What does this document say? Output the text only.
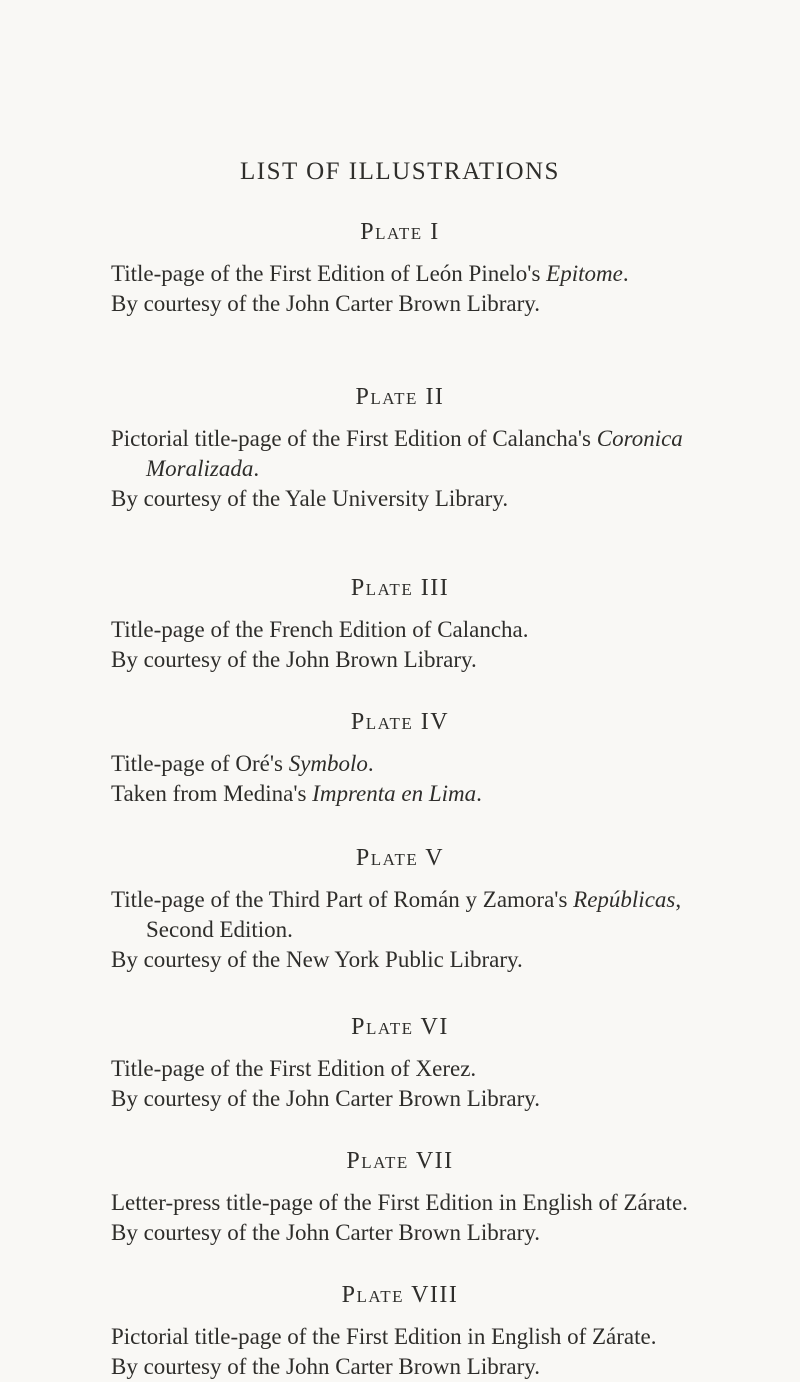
LIST OF ILLUSTRATIONS
Plate I
Title-page of the First Edition of León Pinelo's Epitome.
By courtesy of the John Carter Brown Library.
Plate II
Pictorial title-page of the First Edition of Calancha's Coronica
Moralizada.
By courtesy of the Yale University Library.
Plate III
Title-page of the French Edition of Calancha.
By courtesy of the John Brown Library.
Plate IV
Title-page of Oré's Symbolo.
Taken from Medina's Imprenta en Lima.
Plate V
Title-page of the Third Part of Román y Zamora's Repúblicas,
Second Edition.
By courtesy of the New York Public Library.
Plate VI
Title-page of the First Edition of Xerez.
By courtesy of the John Carter Brown Library.
Plate VII
Letter-press title-page of the First Edition in English of Zárate.
By courtesy of the John Carter Brown Library.
Plate VIII
Pictorial title-page of the First Edition in English of Zárate.
By courtesy of the John Carter Brown Library.
